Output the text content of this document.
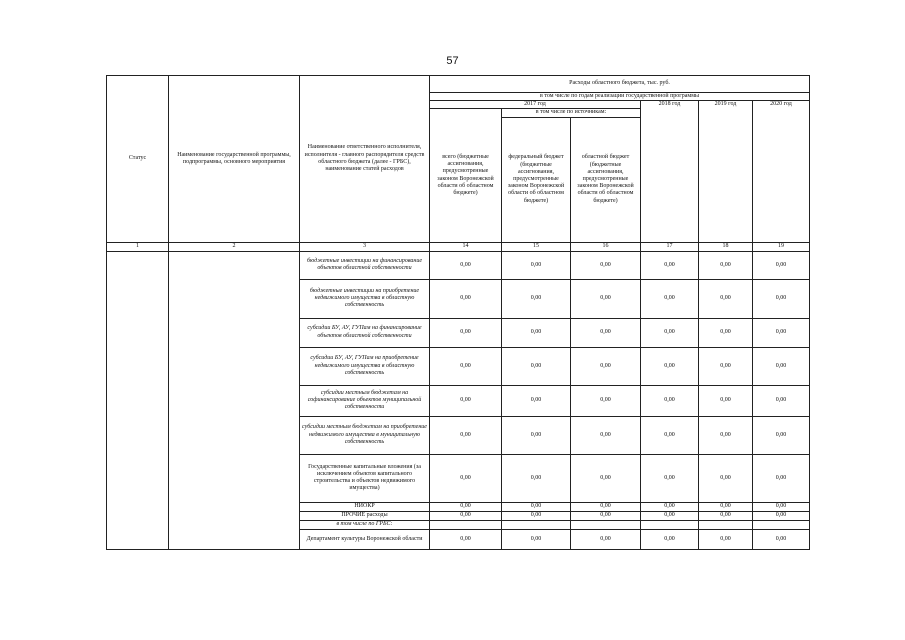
57
Статус	Наименование государственной программы, подпрограммы, основного мероприятия	Наименование ответственного исполнителя, исполнителя - главного распорядителя средств областного бюджета (далее - ГРБС), наименование статей расходов	Расходы областного бюджета, тыс. руб.					
			в том числе по годам реализации государственной программы					
			2017 год			2018 год	2019 год	2020 год
			всего (бюджетные ассигнования, предусмотренные законом Воронежской области об областном бюджете)	в том числе по источникам:				
				федеральный бюджет (бюджетные ассигнования, предусмотренные законом Воронежской области об областном бюджете)	областной бюджет (бюджетные ассигнования, предусмотренные законом Воронежской области об областном бюджете)			
1	2	3	14	15	16	17	18	19
		бюджетные инвестиции на финансирование объектов областной собственности	0,00	0,00	0,00	0,00	0,00	0,00
		бюджетные инвестиции на приобретение недвижимого имущества в областную собственность	0,00	0,00	0,00	0,00	0,00	0,00
		субсидии БУ, АУ, ГУПам на финансирование объектов областной собственности	0,00	0,00	0,00	0,00	0,00	0,00
		субсидии БУ, АУ, ГУПам на приобретение недвижимого имущества в областную собственность	0,00	0,00	0,00	0,00	0,00	0,00
		субсидии местным бюджетам на софинансирование объектов муниципальной собственности	0,00	0,00	0,00	0,00	0,00	0,00
		субсидии местным бюджетам на приобретение недвижимого имущества в муниципальную собственность	0,00	0,00	0,00	0,00	0,00	0,00
		Государственные капитальные вложения (за исключением объектов капитального строительства и объектов недвижимого имущества)	0,00	0,00	0,00	0,00	0,00	0,00
		НИОКР	0,00	0,00	0,00	0,00	0,00	0,00
		ПРОЧИЕ расходы	0,00	0,00	0,00	0,00	0,00	0,00
		в том числе по ГРБС:						
		Департамент культуры Воронежской области	0,00	0,00	0,00	0,00	0,00	0,00
